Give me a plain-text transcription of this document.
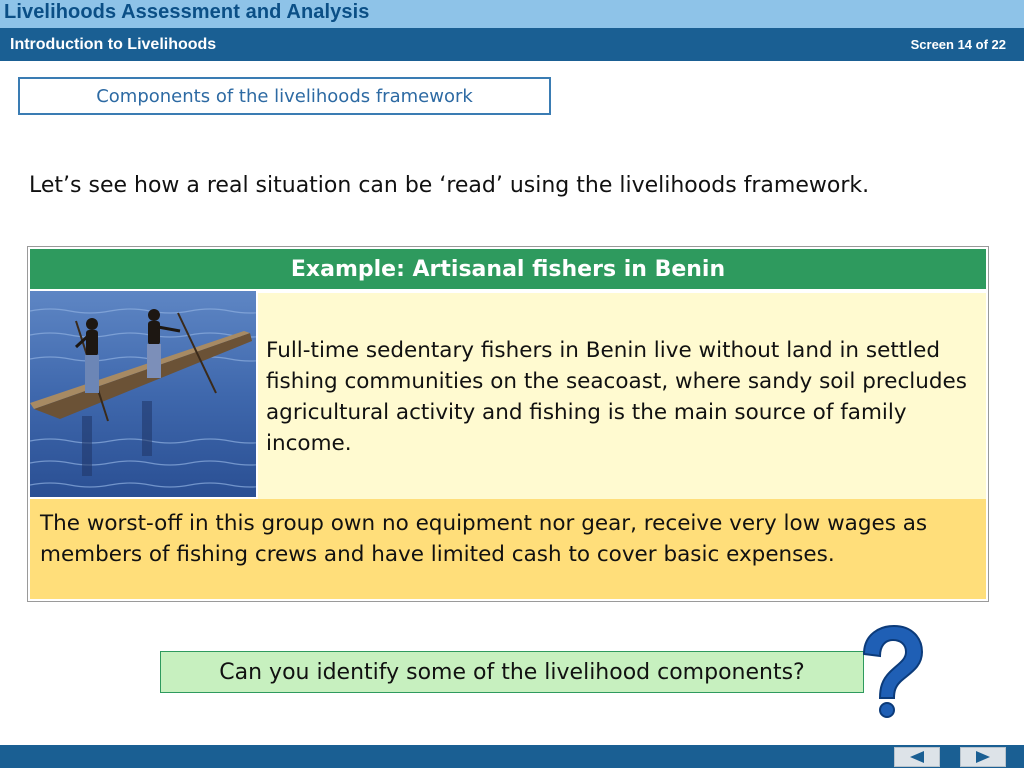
Livelihoods Assessment and Analysis
Introduction to Livelihoods	Screen 14 of 22
Components of the livelihoods framework
Let’s see how a real situation can be ‘read’ using the livelihoods framework.
Example: Artisanal fishers in Benin
Full-time sedentary fishers in Benin live without land in settled fishing communities on the seacoast, where sandy soil precludes agricultural activity and fishing is the main source of family income.
The worst-off in this group own no equipment nor gear, receive very low wages as members of fishing crews and have limited cash to cover basic expenses.
Can you identify some of the livelihood components?
